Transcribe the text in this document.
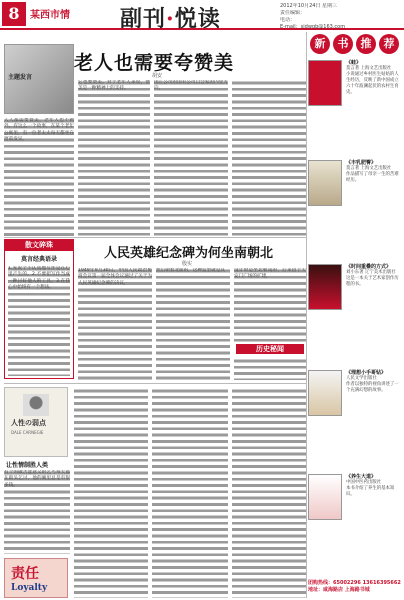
8	某西市情 副刊·悦读	2012年10月24日 星期三
责任编辑：
电话：
E-mail：sjdwgb@163.com
主题发言
老人也需要夸赞美
胡安
人人都需要赞美，老年人也不例外。有这么一个故事，在某个老年公寓里，有一位老太太每天都坐在窗前发呆。
它也要赞美。对于老年人来说，赞美是一种精神上的支持。
国正公司的国有公司自会家的内里方向，
散文碎珠
莫言经典语录
1.先说个不认真地写作是在心里产生的。2.不要把写作当成一种讨好他人的工具。3.在我心中始终有一个想法。
人民英雄纪念碑为何坐南朝北
殷实
1949年9月30日，中国人民政治协商会议第一届全体会议通过了关于为人民英雄纪念碑的决议，
然后朝着北面的，这种造型就是其	设计时是坐北朝南的，后来由于天安门广场的扩建，
历史秘闻
人性の弱点
DALE CARNEGIE
让性情制胜人类
有个叫做苦涩意义的乞丐每天都在街头乞讨，他的碗里总是有很多钱。
责任
Loyalty
新	书	推	荐
《蛙》
莫言著 上海文艺出版社
小说通过乡村医生姑姑的人生经历，反映了新中国成立六十年波澜起伏的农村生育史。
《丰乳肥臀》
莫言著 上海文艺出版社
作品描写了母亲一生的苦难经历。
《时间重叠的方式》
刘小东著 辽宁美术出版社
这是一本关于艺术家创作历程的书。
《理想小手哥钻》
人民文学出版社
作者以独特的视角讲述了一个充满幻想的故事。
《养生大道》
中国中医药出版社
本书介绍了养生的基本知识。
团购热线：65002296 13616395662
地址：咸海路店 上海路书城
